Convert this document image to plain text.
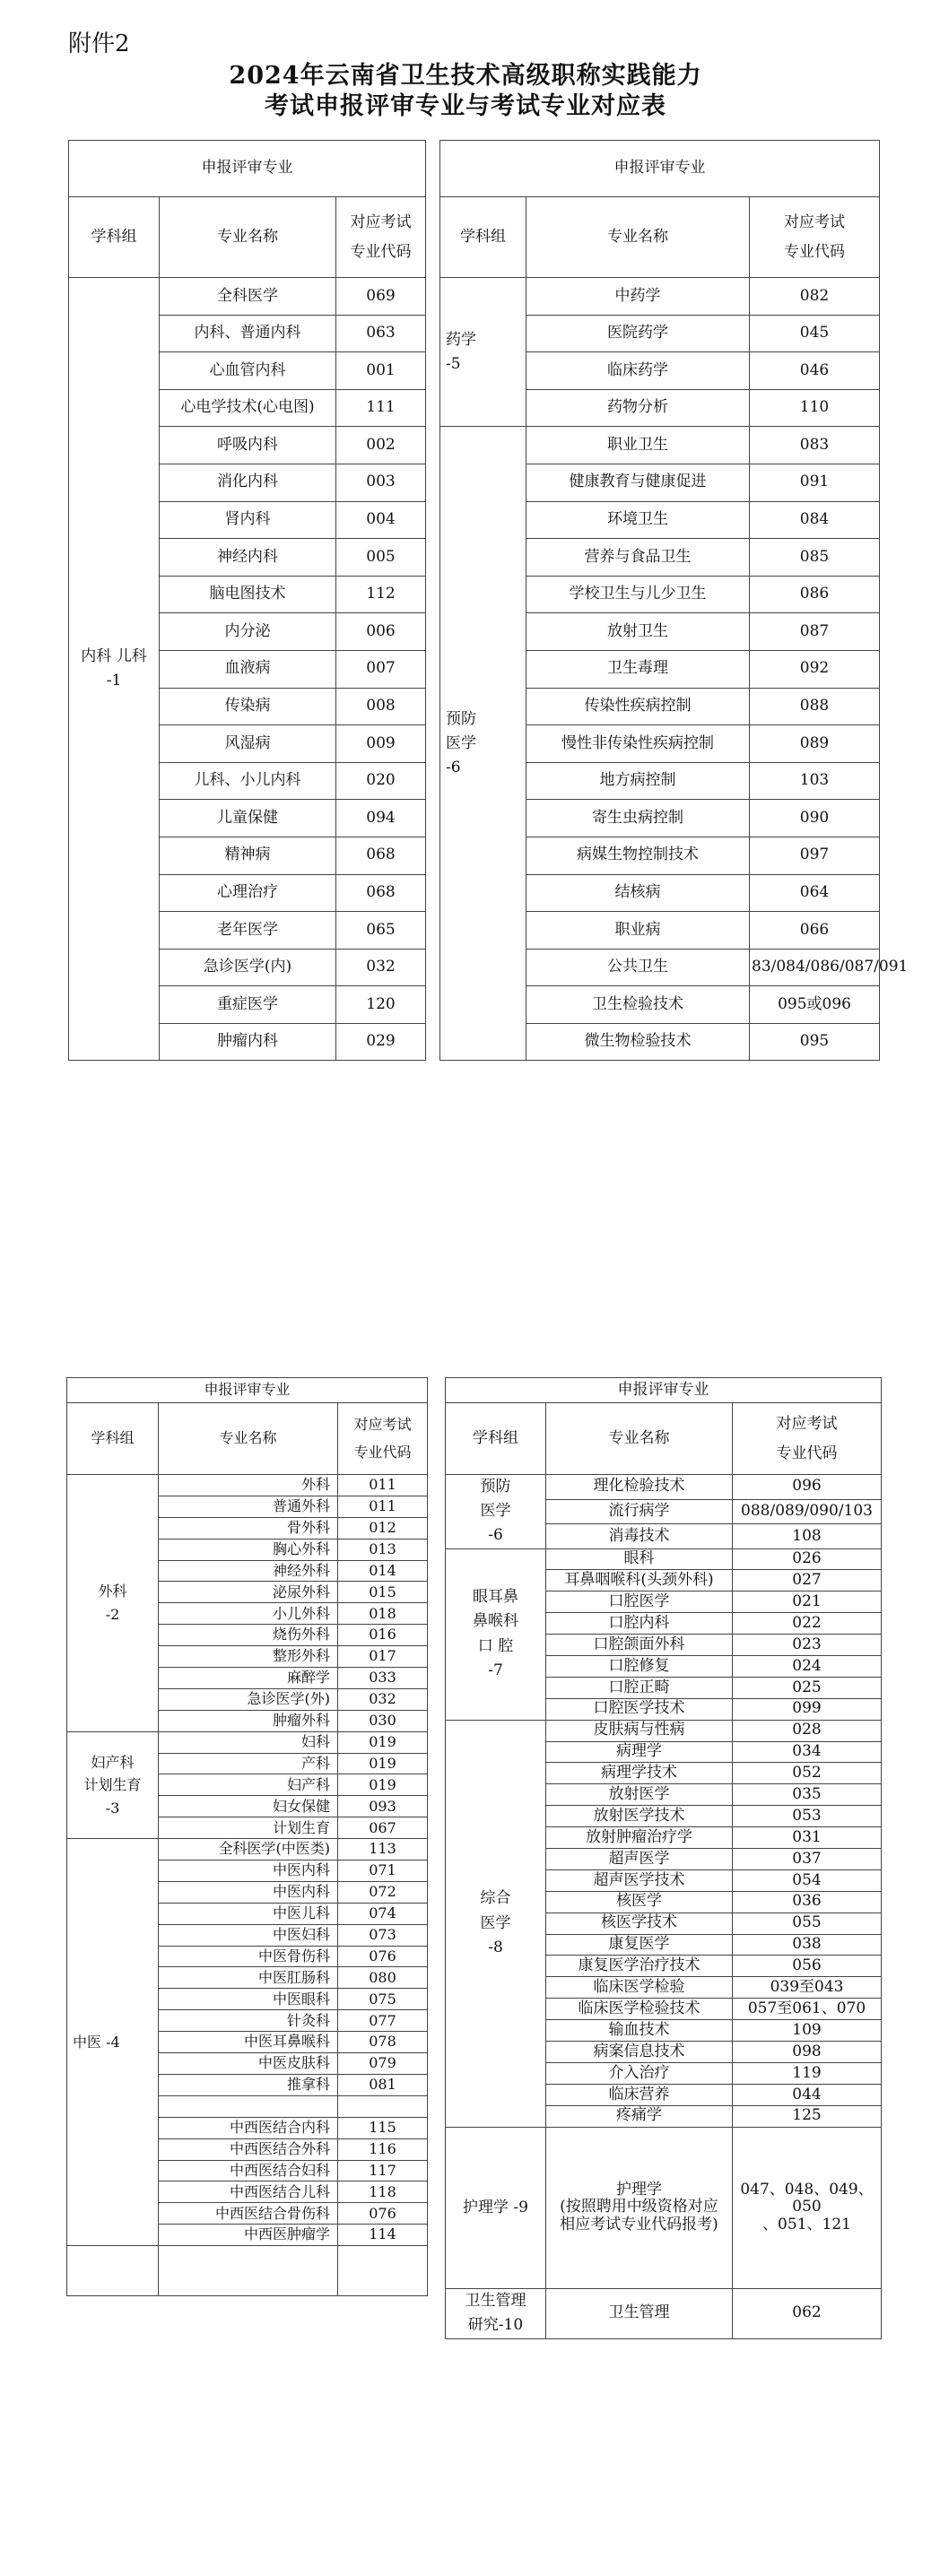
附件2
2024年云南省卫生技术高级职称实践能力
考试申报评审专业与考试专业对应表
申报评审专业		
学科组	专业名称	对应考试
专业代码
内科 儿科
-1	全科医学	069
	内科、普通内科	063
	心血管内科	001
	心电学技术(心电图)	111
	呼吸内科	002
	消化内科	003
	肾内科	004
	神经内科	005
	脑电图技术	112
	内分泌	006
	血液病	007
	传染病	008
	风湿病	009
	儿科、小儿内科	020
	儿童保健	094
	精神病	068
	心理治疗	068
	老年医学	065
	急诊医学(内)	032
	重症医学	120
	肿瘤内科	029
申报评审专业		
学科组	专业名称	对应考试
专业代码
药学
-5	中药学	082
	医院药学	045
	临床药学	046
	药物分析	110
预防
医学
-6	职业卫生	083
	健康教育与健康促进	091
	环境卫生	084
	营养与食品卫生	085
	学校卫生与儿少卫生	086
	放射卫生	087
	卫生毒理	092
	传染性疾病控制	088
	慢性非传染性疾病控制	089
	地方病控制	103
	寄生虫病控制	090
	病媒生物控制技术	097
	结核病	064
	职业病	066
	公共卫生	83/084/086/087/091
	卫生检验技术	095或096
	微生物检验技术	095
申报评审专业		
学科组	专业名称	对应考试
专业代码
外科
-2	外科	011
	普通外科	011
	骨外科	012
	胸心外科	013
	神经外科	014
	泌尿外科	015
	小儿外科	018
	烧伤外科	016
	整形外科	017
	麻醉学	033
	急诊医学(外)	032
	肿瘤外科	030
妇产科
计划生育
-3	妇科	019
	产科	019
	妇产科	019
	妇女保健	093
	计划生育	067
中医 -4	全科医学(中医类)	113
	中医内科	071
	中医内科	072
	中医儿科	074
	中医妇科	073
	中医骨伤科	076
	中医肛肠科	080
	中医眼科	075
	针灸科	077
	中医耳鼻喉科	078
	中医皮肤科	079
	推拿科	081

	中西医结合内科	115
	中西医结合外科	116
	中西医结合妇科	117
	中西医结合儿科	118
	中西医结合骨伤科	076
	中西医肿瘤学	114

申报评审专业		
学科组	专业名称	对应考试
专业代码
预防
医学
-6	理化检验技术	096
	流行病学	088/089/090/103
	消毒技术	108
眼耳鼻
鼻喉科
口 腔
-7	眼科	026
	耳鼻咽喉科(头颈外科)	027
	口腔医学	021
	口腔内科	022
	口腔颌面外科	023
	口腔修复	024
	口腔正畸	025
	口腔医学技术	099
综合
医学
-8	皮肤病与性病	028
	病理学	034
	病理学技术	052
	放射医学	035
	放射医学技术	053
	放射肿瘤治疗学	031
	超声医学	037
	超声医学技术	054
	核医学	036
	核医学技术	055
	康复医学	038
	康复医学治疗技术	056
	临床医学检验	039至043
	临床医学检验技术	057至061、070
	输血技术	109
	病案信息技术	098
	介入治疗	119
	临床营养	044
	疼痛学	125
护理学 -9	护理学
(按照聘用中级资格对应
相应考试专业代码报考)	047、048、049、050
、051、121
卫生管理
研究-10	卫生管理	062
